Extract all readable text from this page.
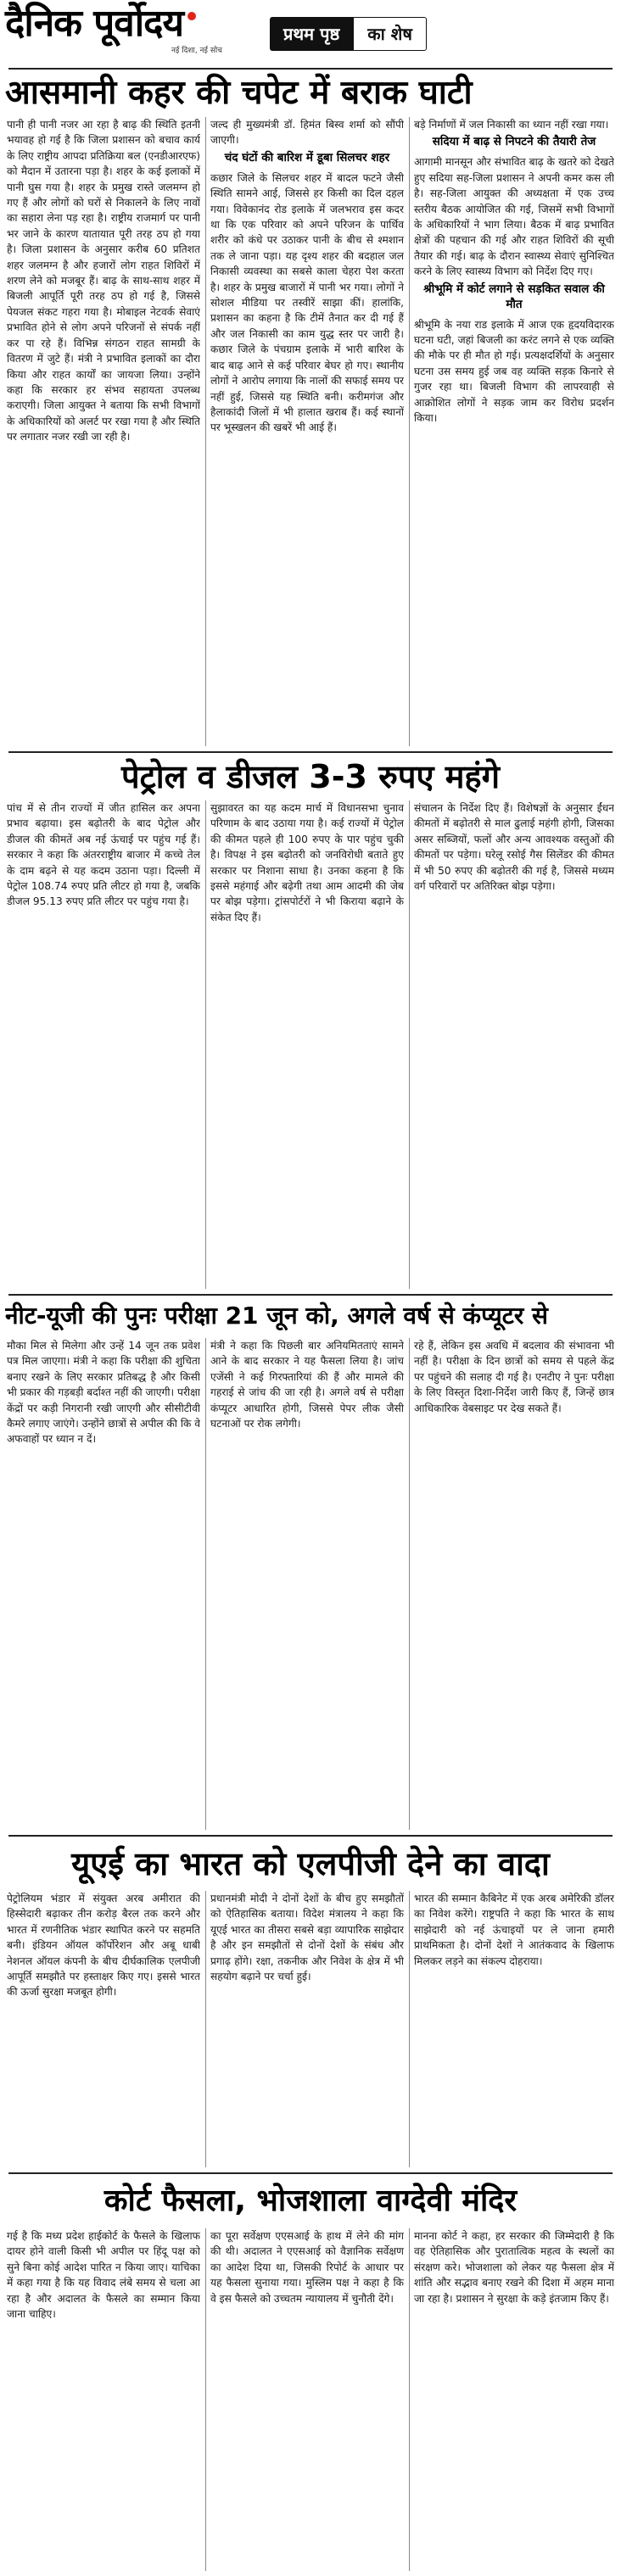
दैनिक पूर्वोदय
नई दिशा, नई सोच
प्रथम पृष्ठ	का शेष
आसमानी कहर की चपेट में बराक घाटी

पानी ही पानी नजर आ रहा है बाढ़ की स्थिति इतनी भयावह हो गई है कि जिला प्रशासन को बचाव कार्य के लिए राष्ट्रीय आपदा प्रतिक्रिया बल (एनडीआरएफ) को मैदान में उतारना पड़ा है। शहर के कई इलाकों में पानी घुस गया है। शहर के प्रमुख रास्ते जलमग्न हो गए हैं और लोगों को घरों से निकालने के लिए नावों का सहारा लेना पड़ रहा है। राष्ट्रीय राजमार्ग पर पानी भर जाने के कारण यातायात पूरी तरह ठप हो गया है। जिला प्रशासन के अनुसार करीब 60 प्रतिशत शहर जलमग्न है और हजारों लोग राहत शिविरों में शरण लेने को मजबूर हैं। बाढ़ के साथ-साथ शहर में बिजली आपूर्ति पूरी तरह ठप हो गई है, जिससे पेयजल संकट गहरा गया है। मोबाइल नेटवर्क सेवाएं प्रभावित होने से लोग अपने परिजनों से संपर्क नहीं कर पा रहे हैं। विभिन्न संगठन राहत सामग्री के वितरण में जुटे हैं। मंत्री ने प्रभावित इलाकों का दौरा किया और राहत कार्यों का जायजा लिया। उन्होंने कहा कि सरकार हर संभव सहायता उपलब्ध कराएगी। जिला आयुक्त ने बताया कि सभी विभागों के अधिकारियों को अलर्ट पर रखा गया है और स्थिति पर लगातार नजर रखी जा रही है।

जल्द ही मुख्यमंत्री डॉ. हिमंत बिस्व शर्मा को सौंपी जाएगी।

चंद घंटों की बारिश में डूबा सिलचर शहर

कछार जिले के सिलचर शहर में बादल फटने जैसी स्थिति सामने आई, जिससे हर किसी का दिल दहल गया। विवेकानंद रोड इलाके में जलभराव इस कदर था कि एक परिवार को अपने परिजन के पार्थिव शरीर को कंधे पर उठाकर पानी के बीच से श्मशान तक ले जाना पड़ा। यह दृश्य शहर की बदहाल जल निकासी व्यवस्था का सबसे काला चेहरा पेश करता है। शहर के प्रमुख बाजारों में पानी भर गया। लोगों ने सोशल मीडिया पर तस्वीरें साझा कीं। हालांकि, प्रशासन का कहना है कि टीमें तैनात कर दी गई हैं और जल निकासी का काम युद्ध स्तर पर जारी है। कछार जिले के पंचग्राम इलाके में भारी बारिश के बाद बाढ़ आने से कई परिवार बेघर हो गए। स्थानीय लोगों ने आरोप लगाया कि नालों की सफाई समय पर नहीं हुई, जिससे यह स्थिति बनी। करीमगंज और हैलाकांदी जिलों में भी हालात खराब हैं। कई स्थानों पर भूस्खलन की खबरें भी आई हैं।

बड़े निर्माणों में जल निकासी का ध्यान नहीं रखा गया।

सदिया में बाढ़ से निपटने की तैयारी तेज

आगामी मानसून और संभावित बाढ़ के खतरे को देखते हुए सदिया सह-जिला प्रशासन ने अपनी कमर कस ली है। सह-जिला आयुक्त की अध्यक्षता में एक उच्च स्तरीय बैठक आयोजित की गई, जिसमें सभी विभागों के अधिकारियों ने भाग लिया। बैठक में बाढ़ प्रभावित क्षेत्रों की पहचान की गई और राहत शिविरों की सूची तैयार की गई। बाढ़ के दौरान स्वास्थ्य सेवाएं सुनिश्चित करने के लिए स्वास्थ्य विभाग को निर्देश दिए गए।

श्रीभूमि में कोर्ट लगाने से सड़कित सवाल की मौत

श्रीभूमि के नया राड इलाके में आज एक हृदयविदारक घटना घटी, जहां बिजली का करंट लगने से एक व्यक्ति की मौके पर ही मौत हो गई। प्रत्यक्षदर्शियों के अनुसार घटना उस समय हुई जब वह व्यक्ति सड़क किनारे से गुजर रहा था। बिजली विभाग की लापरवाही से आक्रोशित लोगों ने सड़क जाम कर विरोध प्रदर्शन किया।

पेट्रोल व डीजल 3-3 रुपए महंगे

पांच में से तीन राज्यों में जीत हासिल कर अपना प्रभाव बढ़ाया। इस बढ़ोतरी के बाद पेट्रोल और डीजल की कीमतें अब नई ऊंचाई पर पहुंच गई हैं। सरकार ने कहा कि अंतरराष्ट्रीय बाजार में कच्चे तेल के दाम बढ़ने से यह कदम उठाना पड़ा। दिल्ली में पेट्रोल 108.74 रुपए प्रति लीटर हो गया है, जबकि डीजल 95.13 रुपए प्रति लीटर पर पहुंच गया है।

सुझावरत का यह कदम मार्च में विधानसभा चुनाव परिणाम के बाद उठाया गया है। कई राज्यों में पेट्रोल की कीमत पहले ही 100 रुपए के पार पहुंच चुकी है। विपक्ष ने इस बढ़ोतरी को जनविरोधी बताते हुए सरकार पर निशाना साधा है। उनका कहना है कि इससे महंगाई और बढ़ेगी तथा आम आदमी की जेब पर बोझ पड़ेगा। ट्रांसपोर्टरों ने भी किराया बढ़ाने के संकेत दिए हैं।

संचालन के निर्देश दिए हैं। विशेषज्ञों के अनुसार ईंधन कीमतों में बढ़ोतरी से माल ढुलाई महंगी होगी, जिसका असर सब्जियों, फलों और अन्य आवश्यक वस्तुओं की कीमतों पर पड़ेगा। घरेलू रसोई गैस सिलेंडर की कीमत में भी 50 रुपए की बढ़ोतरी की गई है, जिससे मध्यम वर्ग परिवारों पर अतिरिक्त बोझ पड़ेगा।

नीट-यूजी की पुनः परीक्षा 21 जून को, अगले वर्ष से कंप्यूटर से

मौका मिल से मिलेगा और उन्हें 14 जून तक प्रवेश पत्र मिल जाएगा। मंत्री ने कहा कि परीक्षा की शुचिता बनाए रखने के लिए सरकार प्रतिबद्ध है और किसी भी प्रकार की गड़बड़ी बर्दाश्त नहीं की जाएगी। परीक्षा केंद्रों पर कड़ी निगरानी रखी जाएगी और सीसीटीवी कैमरे लगाए जाएंगे। उन्होंने छात्रों से अपील की कि वे अफवाहों पर ध्यान न दें।

मंत्री ने कहा कि पिछली बार अनियमितताएं सामने आने के बाद सरकार ने यह फैसला लिया है। जांच एजेंसी ने कई गिरफ्तारियां की हैं और मामले की गहराई से जांच की जा रही है। अगले वर्ष से परीक्षा कंप्यूटर आधारित होगी, जिससे पेपर लीक जैसी घटनाओं पर रोक लगेगी।

रहे हैं, लेकिन इस अवधि में बदलाव की संभावना भी नहीं है। परीक्षा के दिन छात्रों को समय से पहले केंद्र पर पहुंचने की सलाह दी गई है। एनटीए ने पुनः परीक्षा के लिए विस्तृत दिशा-निर्देश जारी किए हैं, जिन्हें छात्र आधिकारिक वेबसाइट पर देख सकते हैं।

यूएई का भारत को एलपीजी देने का वादा

पेट्रोलियम भंडार में संयुक्त अरब अमीरात की हिस्सेदारी बढ़ाकर तीन करोड़ बैरल तक करने और भारत में रणनीतिक भंडार स्थापित करने पर सहमति बनी। इंडियन ऑयल कॉर्पोरेशन और अबू धाबी नेशनल ऑयल कंपनी के बीच दीर्घकालिक एलपीजी आपूर्ति समझौते पर हस्ताक्षर किए गए। इससे भारत की ऊर्जा सुरक्षा मजबूत होगी।

प्रधानमंत्री मोदी ने दोनों देशों के बीच हुए समझौतों को ऐतिहासिक बताया। विदेश मंत्रालय ने कहा कि यूएई भारत का तीसरा सबसे बड़ा व्यापारिक साझेदार है और इन समझौतों से दोनों देशों के संबंध और प्रगाढ़ होंगे। रक्षा, तकनीक और निवेश के क्षेत्र में भी सहयोग बढ़ाने पर चर्चा हुई।

भारत की सम्मान कैबिनेट में एक अरब अमेरिकी डॉलर का निवेश करेंगे। राष्ट्रपति ने कहा कि भारत के साथ साझेदारी को नई ऊंचाइयों पर ले जाना हमारी प्राथमिकता है। दोनों देशों ने आतंकवाद के खिलाफ मिलकर लड़ने का संकल्प दोहराया।

कोर्ट फैसला, भोजशाला वाग्देवी मंदिर

गई है कि मध्य प्रदेश हाईकोर्ट के फैसले के खिलाफ दायर होने वाली किसी भी अपील पर हिंदू पक्ष को सुने बिना कोई आदेश पारित न किया जाए। याचिका में कहा गया है कि यह विवाद लंबे समय से चला आ रहा है और अदालत के फैसले का सम्मान किया जाना चाहिए।

का पूरा सर्वेक्षण एएसआई के हाथ में लेने की मांग की थी। अदालत ने एएसआई को वैज्ञानिक सर्वेक्षण का आदेश दिया था, जिसकी रिपोर्ट के आधार पर यह फैसला सुनाया गया। मुस्लिम पक्ष ने कहा है कि वे इस फैसले को उच्चतम न्यायालय में चुनौती देंगे।

मानना कोर्ट ने कहा, हर सरकार की जिम्मेदारी है कि वह ऐतिहासिक और पुरातात्विक महत्व के स्थलों का संरक्षण करे। भोजशाला को लेकर यह फैसला क्षेत्र में शांति और सद्भाव बनाए रखने की दिशा में अहम माना जा रहा है। प्रशासन ने सुरक्षा के कड़े इंतजाम किए हैं।
